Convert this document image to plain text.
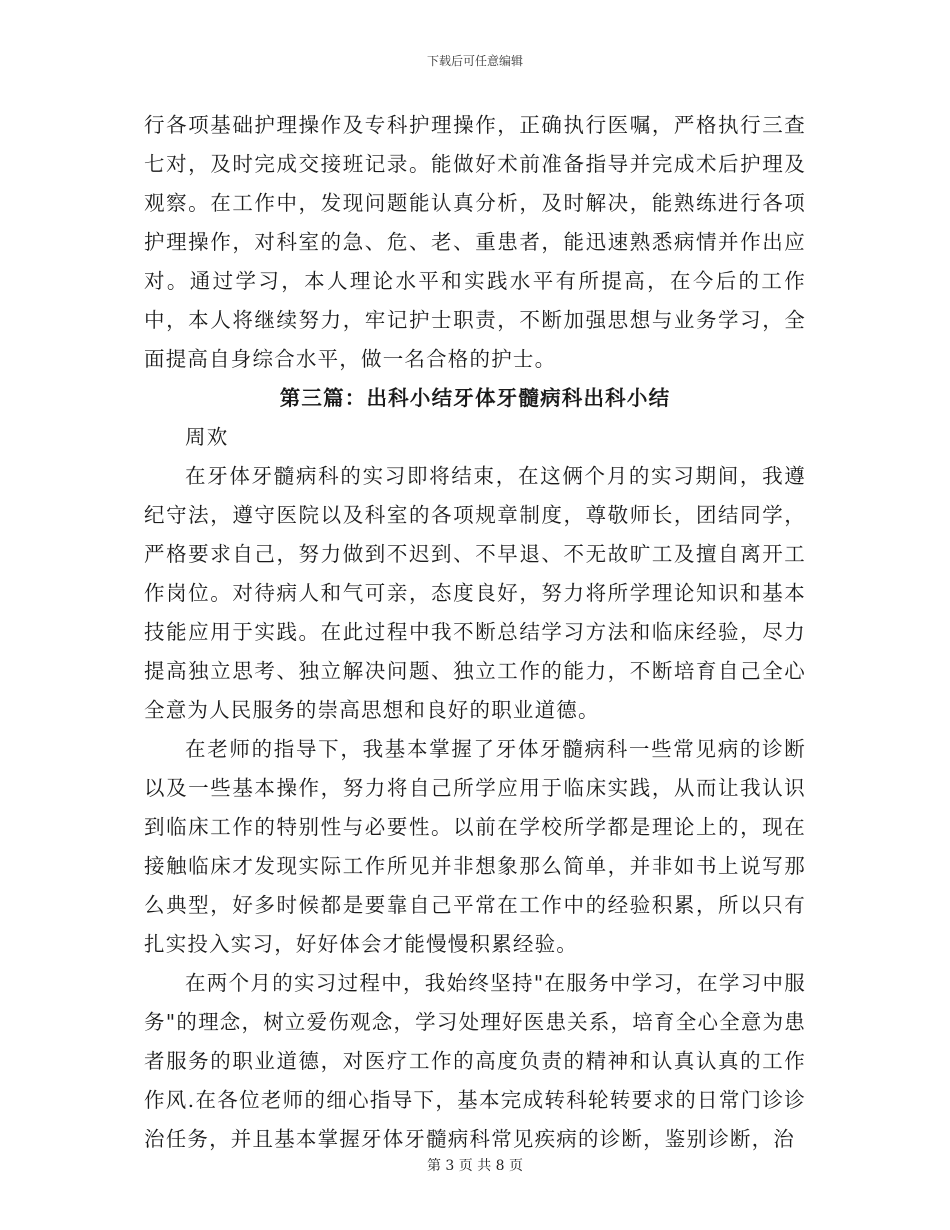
下载后可任意编辑

行各项基础护理操作及专科护理操作，正确执行医嘱，严格执行三查七对，及时完成交接班记录。能做好术前准备指导并完成术后护理及观察。在工作中，发现问题能认真分析，及时解决，能熟练进行各项护理操作，对科室的急、危、老、重患者，能迅速熟悉病情并作出应对。通过学习，本人理论水平和实践水平有所提高，在今后的工作中，本人将继续努力，牢记护士职责，不断加强思想与业务学习，全面提高自身综合水平，做一名合格的护士。

第三篇：出科小结牙体牙髓病科出科小结

周欢

在牙体牙髓病科的实习即将结束，在这俩个月的实习期间，我遵纪守法，遵守医院以及科室的各项规章制度，尊敬师长，团结同学，严格要求自己，努力做到不迟到、不早退、不无故旷工及擅自离开工作岗位。对待病人和气可亲，态度良好，努力将所学理论知识和基本技能应用于实践。在此过程中我不断总结学习方法和临床经验，尽力提高独立思考、独立解决问题、独立工作的能力，不断培育自己全心全意为人民服务的崇高思想和良好的职业道德。

在老师的指导下，我基本掌握了牙体牙髓病科一些常见病的诊断以及一些基本操作，努力将自己所学应用于临床实践，从而让我认识到临床工作的特别性与必要性。以前在学校所学都是理论上的，现在接触临床才发现实际工作所见并非想象那么简单，并非如书上说写那么典型，好多时候都是要靠自己平常在工作中的经验积累，所以只有扎实投入实习，好好体会才能慢慢积累经验。

在两个月的实习过程中，我始终坚持"在服务中学习，在学习中服务"的理念，树立爱伤观念，学习处理好医患关系，培育全心全意为患者服务的职业道德，对医疗工作的高度负责的精神和认真认真的工作作风.在各位老师的细心指导下，基本完成转科轮转要求的日常门诊诊治任务，并且基本掌握牙体牙髓病科常见疾病的诊断，鉴别诊断，治

第 3 页 共 8 页
